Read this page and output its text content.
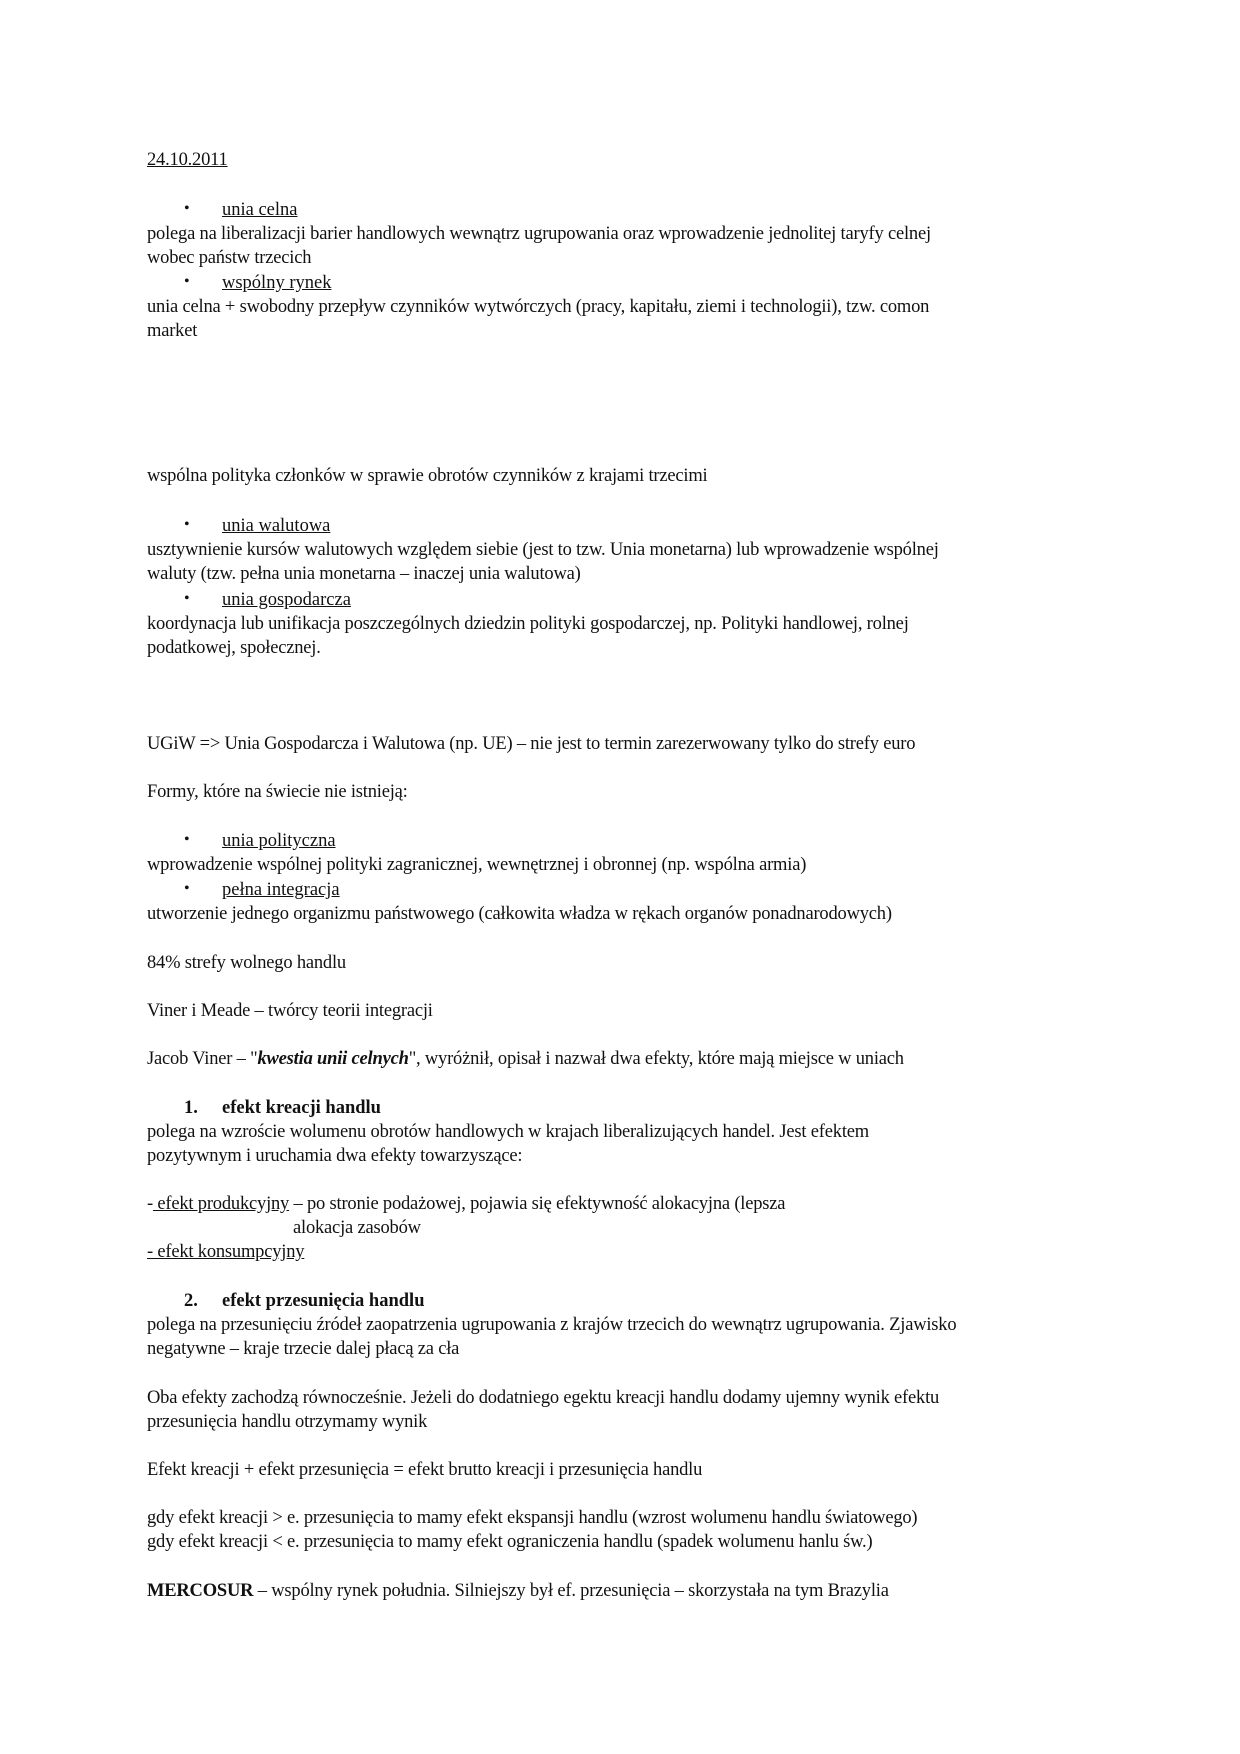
24.10.2011
• unia celna
polega na liberalizacji barier handlowych wewnątrz ugrupowania oraz wprowadzenie jednolitej taryfy celnej
wobec państw trzecich
• wspólny rynek
unia celna + swobodny przepływ czynników wytwórczych (pracy, kapitału, ziemi i technologii), tzw. comon
market
wspólna polityka członków w sprawie obrotów czynników z krajami trzecimi
• unia walutowa
usztywnienie kursów walutowych względem siebie (jest to tzw. Unia monetarna) lub wprowadzenie wspólnej
waluty (tzw. pełna unia monetarna – inaczej unia walutowa)
• unia gospodarcza
koordynacja lub unifikacja poszczególnych dziedzin polityki gospodarczej, np. Polityki handlowej, rolnej
podatkowej, społecznej.
UGiW => Unia Gospodarcza i Walutowa (np. UE) – nie jest to termin zarezerwowany tylko do strefy euro
Formy, które na świecie nie istnieją:
• unia polityczna
wprowadzenie wspólnej polityki zagranicznej, wewnętrznej i obronnej (np. wspólna armia)
• pełna integracja
utworzenie jednego organizmu państwowego (całkowita władza w rękach organów ponadnarodowych)
84% strefy wolnego handlu
Viner i Meade – twórcy teorii integracji
Jacob Viner – "kwestia unii celnych", wyróżnił, opisał i nazwał dwa efekty, które mają miejsce w uniach
1. efekt kreacji handlu
polega na wzroście wolumenu obrotów handlowych w krajach liberalizujących handel. Jest efektem
pozytywnym i uruchamia dwa efekty towarzyszące:
- efekt produkcyjny – po stronie podażowej, pojawia się efektywność alokacyjna (lepsza
alokacja zasobów
- efekt konsumpcyjny
2. efekt przesunięcia handlu
polega na przesunięciu źródeł zaopatrzenia ugrupowania z krajów trzecich do wewnątrz ugrupowania. Zjawisko
negatywne – kraje trzecie dalej płacą za cła
Oba efekty zachodzą równocześnie. Jeżeli do dodatniego egektu kreacji handlu dodamy ujemny wynik efektu
przesunięcia handlu otrzymamy wynik
Efekt kreacji + efekt przesunięcia = efekt brutto kreacji i przesunięcia handlu
gdy efekt kreacji > e. przesunięcia to mamy efekt ekspansji handlu (wzrost wolumenu handlu światowego)
gdy efekt kreacji < e. przesunięcia to mamy efekt ograniczenia handlu (spadek wolumenu hanlu św.)
MERCOSUR – wspólny rynek południa. Silniejszy był ef. przesunięcia – skorzystała na tym Brazylia
